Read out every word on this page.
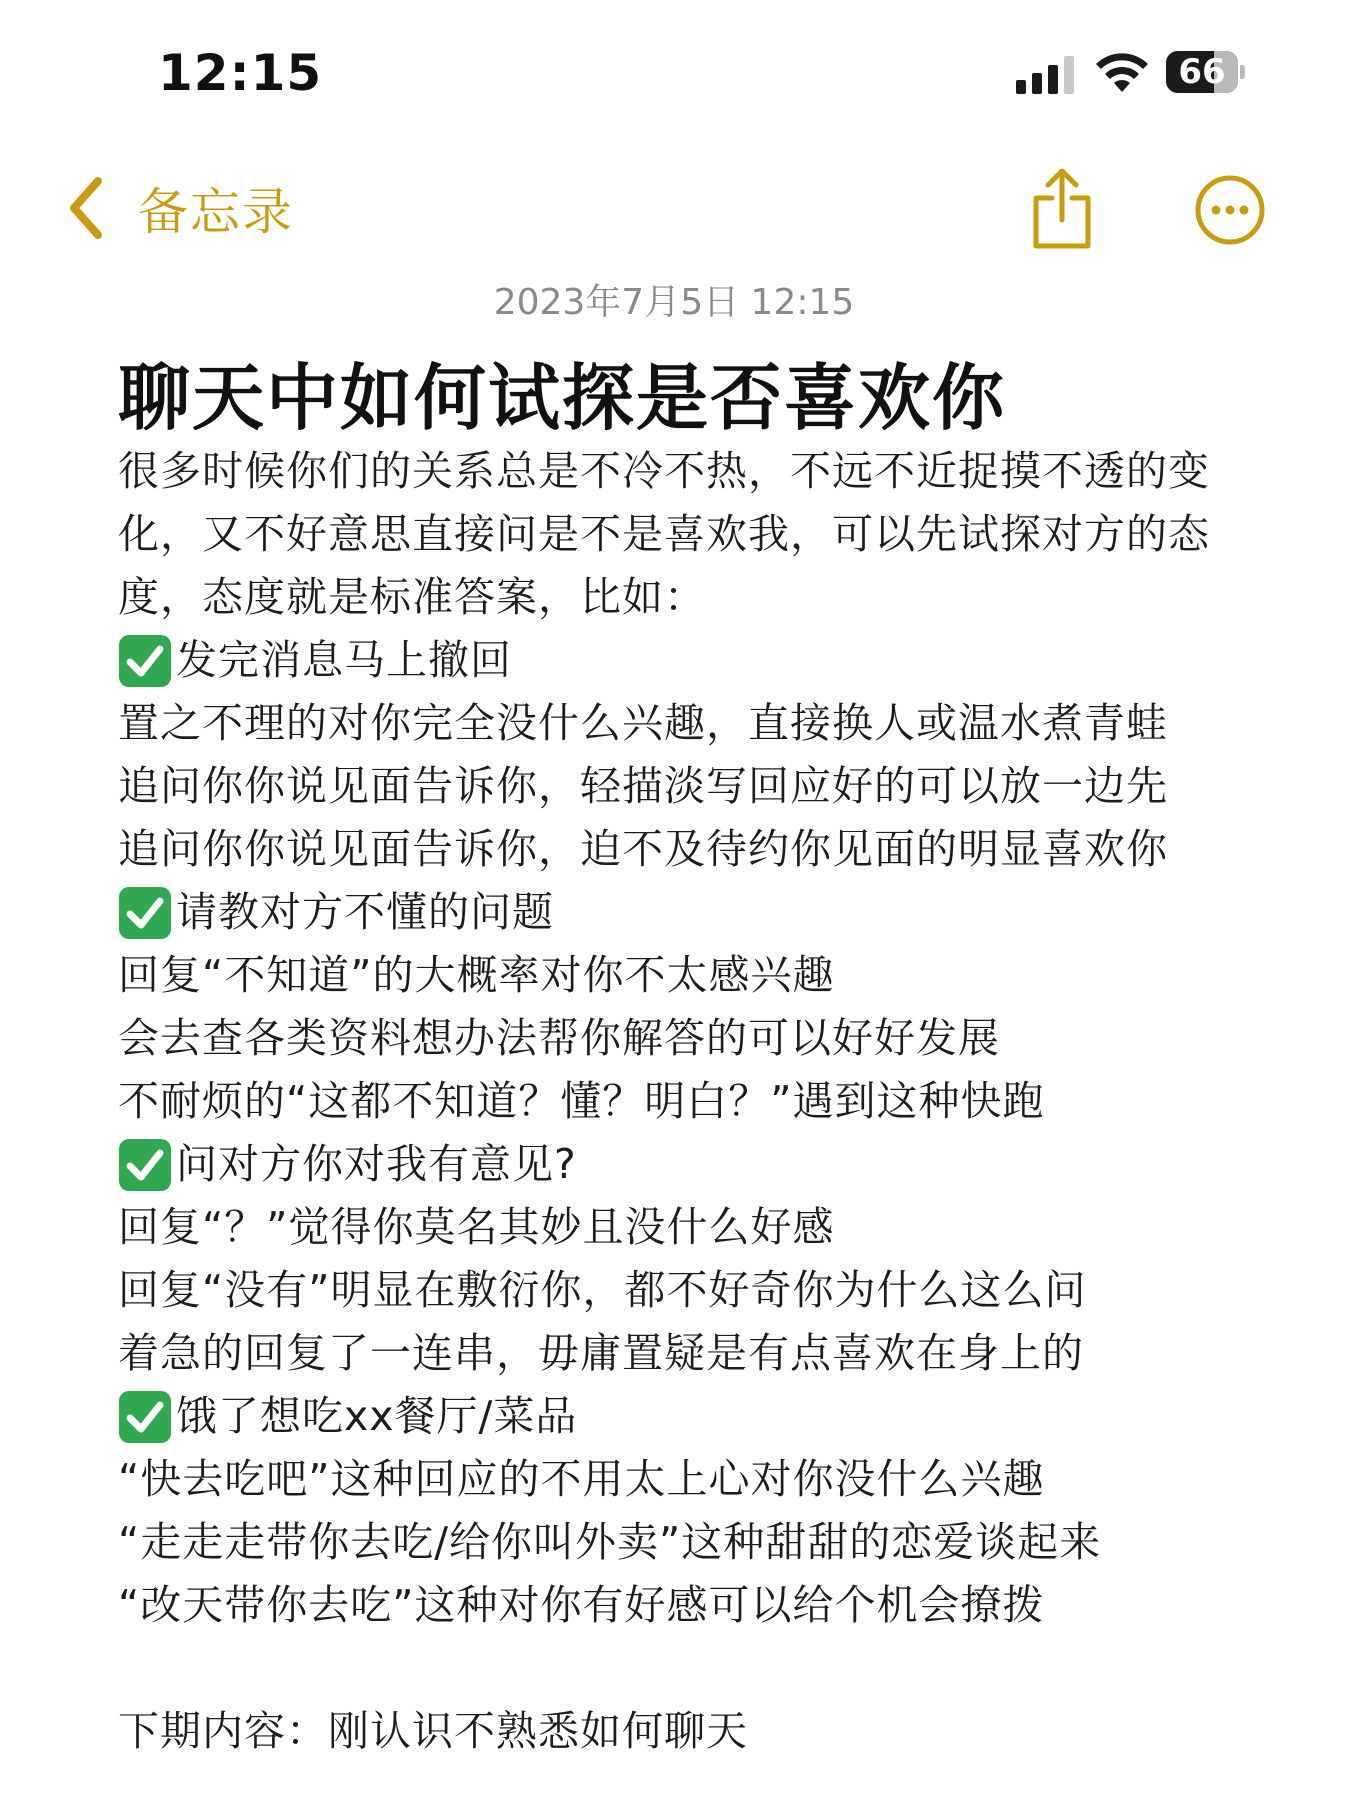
12:15	66
备忘录
2023年7月5日 12:15
聊天中如何试探是否喜欢你

很多时候你们的关系总是不冷不热，不远不近捉摸不透的变化，又不好意思直接问是不是喜欢我，可以先试探对方的态度，态度就是标准答案，比如：

发完消息马上撤回
置之不理的对你完全没什么兴趣，直接换人或温水煮青蛙
追问你你说见面告诉你，轻描淡写回应好的可以放一边先
追问你你说见面告诉你，迫不及待约你见面的明显喜欢你
请教对方不懂的问题
回复“不知道”的大概率对你不太感兴趣
会去查各类资料想办法帮你解答的可以好好发展
不耐烦的“这都不知道？懂？明白？”遇到这种快跑
问对方你对我有意见?
回复“？”觉得你莫名其妙且没什么好感
回复“没有”明显在敷衍你，都不好奇你为什么这么问
着急的回复了一连串，毋庸置疑是有点喜欢在身上的
饿了想吃xx餐厅/菜品
“快去吃吧”这种回应的不用太上心对你没什么兴趣
“走走走带你去吃/给你叫外卖”这种甜甜的恋爱谈起来
“改天带你去吃”这种对你有好感可以给个机会撩拨
下期内容：刚认识不熟悉如何聊天
